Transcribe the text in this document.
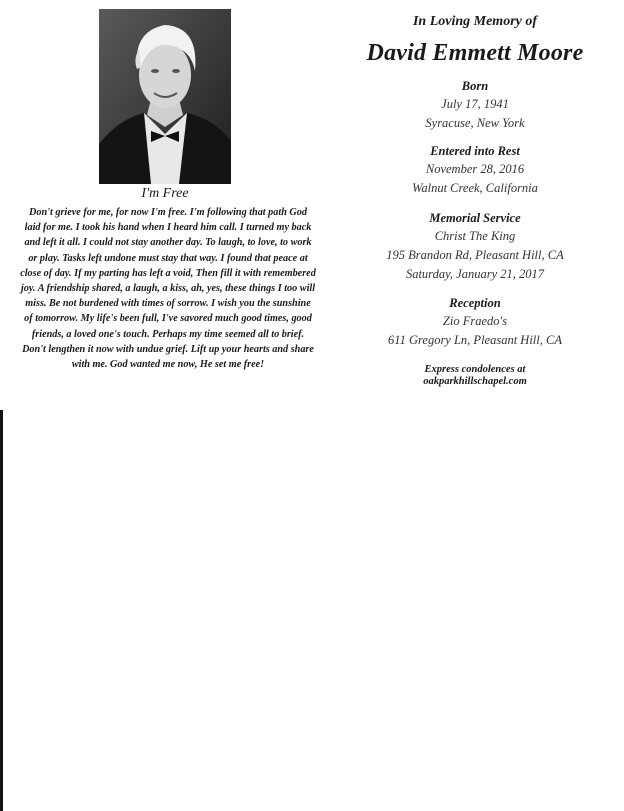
I'm Free

Don't grieve for me, for now I'm free. I'm following that path God
laid for me. I took his hand when I heard him call. I turned my back
and left it all. I could not stay another day. To laugh, to love, to work
or play. Tasks left undone must stay that way. I found that peace at
close of day. If my parting has left a void, Then fill it with remembered
joy. A friendship shared, a laugh, a kiss, ah, yes, these things I too will
miss. Be not burdened with times of sorrow. I wish you the sunshine
of tomorrow. My life's been full, I've savored much good times, good
friends, a loved one's touch. Perhaps my time seemed all to brief.
Don't lengthen it now with undue grief. Lift up your hearts and share
with me. God wanted me now, He set me free!

In Loving Memory of
David Emmett Moore
Born
July 17, 1941
Syracuse, New York
Entered into Rest
November 28, 2016
Walnut Creek, California
Memorial Service
Christ The King
195 Brandon Rd, Pleasant Hill, CA
Saturday, January 21, 2017
Reception
Zio Fraedo's
611 Gregory Ln, Pleasant Hill, CA
Express condolences at
oakparkhillschapel.com
